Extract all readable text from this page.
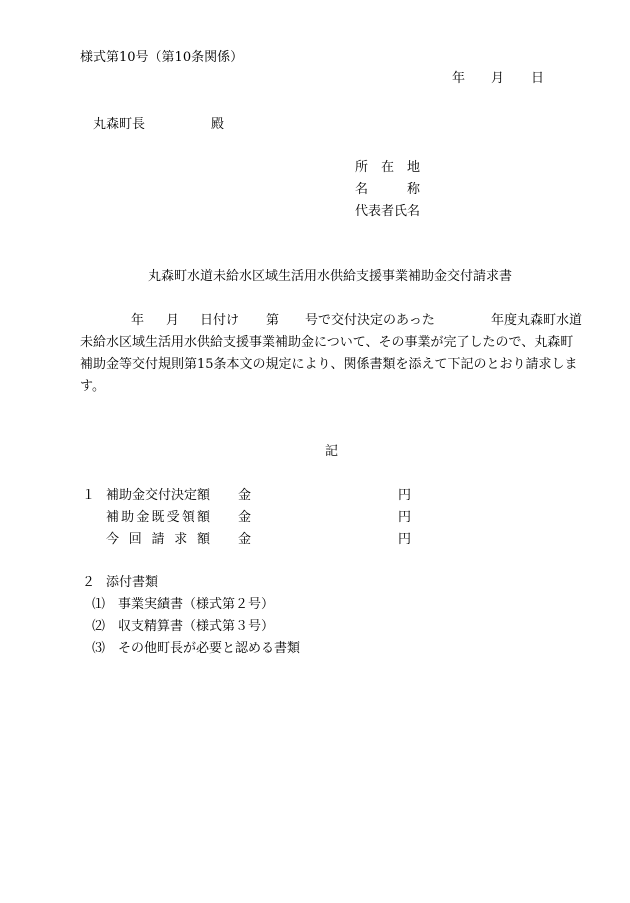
様式第10号（第10条関係）
年 月 日
丸森町長	殿
所　在　地
名　　　称
代表者氏名
丸森町水道未給水区域生活用水供給支援事業補助金交付請求書
年 月 日付け 第 号で交付決定のあった	年度丸森町水道
未給水区域生活用水供給支援事業補助金について、その事業が完了したので、丸森町
補助金等交付規則第15条本文の規定により、関係書類を添えて下記のとおり請求しま
す。
記
１ 補助金交付決定額 金	円
補助金既受領額 金	円
今回請求額 金	円
２ 添付書類
⑴ 事業実績書（様式第２号）
⑵ 収支精算書（様式第３号）
⑶ その他町長が必要と認める書類
